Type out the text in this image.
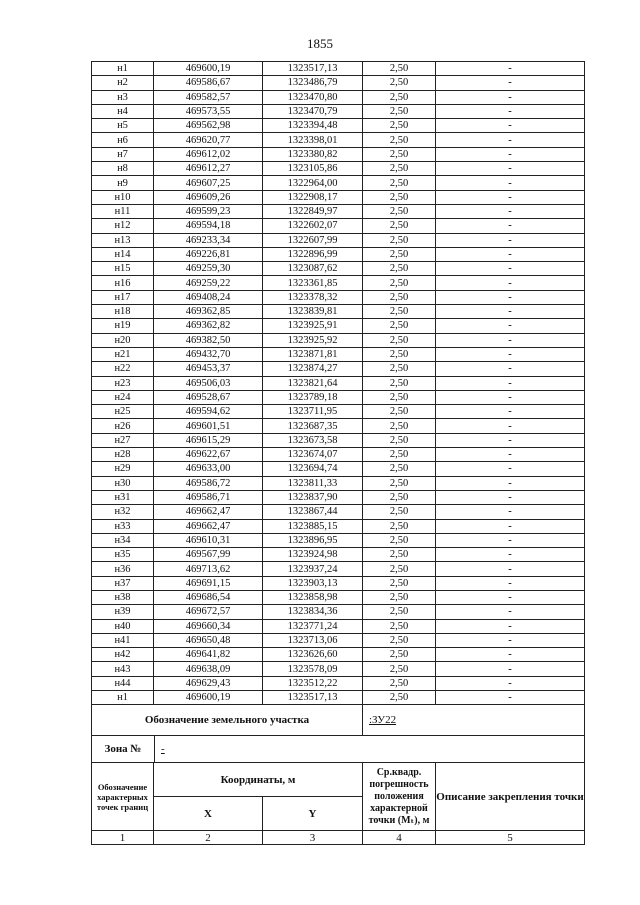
1855
н1	469600,19	1323517,13	2,50	-
н2	469586,67	1323486,79	2,50	-
н3	469582,57	1323470,80	2,50	-
н4	469573,55	1323470,79	2,50	-
н5	469562,98	1323394,48	2,50	-
н6	469620,77	1323398,01	2,50	-
н7	469612,02	1323380,82	2,50	-
н8	469612,27	1323105,86	2,50	-
н9	469607,25	1322964,00	2,50	-
н10	469609,26	1322908,17	2,50	-
н11	469599,23	1322849,97	2,50	-
н12	469594,18	1322602,07	2,50	-
н13	469233,34	1322607,99	2,50	-
н14	469226,81	1322896,99	2,50	-
н15	469259,30	1323087,62	2,50	-
н16	469259,22	1323361,85	2,50	-
н17	469408,24	1323378,32	2,50	-
н18	469362,85	1323839,81	2,50	-
н19	469362,82	1323925,91	2,50	-
н20	469382,50	1323925,92	2,50	-
н21	469432,70	1323871,81	2,50	-
н22	469453,37	1323874,27	2,50	-
н23	469506,03	1323821,64	2,50	-
н24	469528,67	1323789,18	2,50	-
н25	469594,62	1323711,95	2,50	-
н26	469601,51	1323687,35	2,50	-
н27	469615,29	1323673,58	2,50	-
н28	469622,67	1323674,07	2,50	-
н29	469633,00	1323694,74	2,50	-
н30	469586,72	1323811,33	2,50	-
н31	469586,71	1323837,90	2,50	-
н32	469662,47	1323867,44	2,50	-
н33	469662,47	1323885,15	2,50	-
н34	469610,31	1323896,95	2,50	-
н35	469567,99	1323924,98	2,50	-
н36	469713,62	1323937,24	2,50	-
н37	469691,15	1323903,13	2,50	-
н38	469686,54	1323858,98	2,50	-
н39	469672,57	1323834,36	2,50	-
н40	469660,34	1323771,24	2,50	-
н41	469650,48	1323713,06	2,50	-
н42	469641,82	1323626,60	2,50	-
н43	469638,09	1323578,09	2,50	-
н44	469629,43	1323512,22	2,50	-
н1	469600,19	1323517,13	2,50	-
Обозначение земельного участка			:ЗУ22	
Зона № -				
Обозначение характерных точек границ	Координаты, м		Ср.квадр. погрешность положения характерной точки (Mₜ), м	Описание закрепления точки
	X	Y		
1	2	3	4	5
